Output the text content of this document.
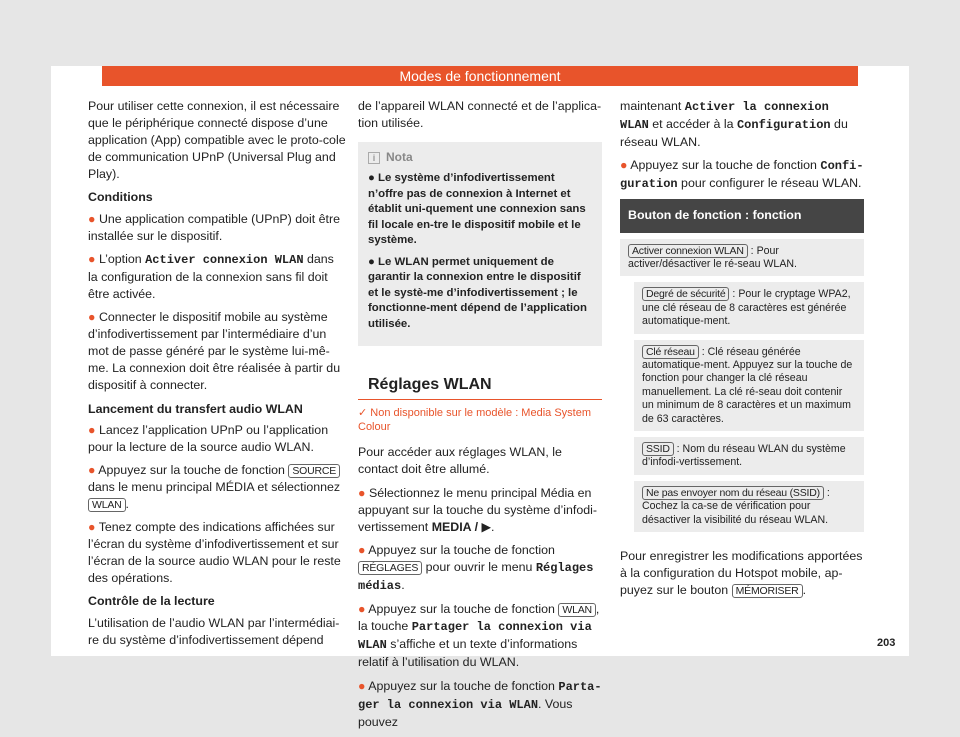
Modes de fonctionnement

Pour utiliser cette connexion, il est nécessaire que le périphérique connecté dispose d’une application (App) compatible avec le proto-cole de communication UPnP (Universal Plug and Play).

Conditions

● Une application compatible (UPnP) doit être installée sur le dispositif.

● L’option Activer connexion WLAN dans la configuration de la connexion sans fil doit être activée.

● Connecter le dispositif mobile au système d’infodivertissement par l’intermédiaire d’un mot de passe généré par le système lui-mê-me. La connexion doit être réalisée à partir du dispositif à connecter.

Lancement du transfert audio WLAN

● Lancez l’application UPnP ou l’application pour la lecture de la source audio WLAN.

● Appuyez sur la touche de fonction SOURCE dans le menu principal MÉDIA et sélectionnez WLAN .

● Tenez compte des indications affichées sur l’écran du système d’infodivertissement et sur l’écran de la source audio WLAN pour le reste des opérations.

Contrôle de la lecture

L’utilisation de l’audio WLAN par l’intermédiai-re du système d’infodivertissement dépend

de l’appareil WLAN connecté et de l’applica-tion utilisée.

i Nota

● Le système d’infodivertissement n’offre pas de connexion à Internet et établit uni-quement une connexion sans fil locale en-tre le dispositif mobile et le système.

● Le WLAN permet uniquement de garantir la connexion entre le dispositif et le systè-me d’infodivertissement ; le fonctionne-ment dépend de l’application utilisée.

Réglages WLAN
✓ Non disponible sur le modèle : Media System Colour

Pour accéder aux réglages WLAN, le contact doit être allumé.

● Sélectionnez le menu principal Média en appuyant sur la touche du système d’infodi-vertissement MEDIA / ▶.

● Appuyez sur la touche de fonction RÉGLAGES pour ouvrir le menu Réglages médias.

● Appuyez sur la touche de fonction WLAN , la touche Partager la connexion via WLAN s’affiche et un texte d’informations relatif à l’utilisation du WLAN.

● Appuyez sur la touche de fonction Parta-ger la connexion via WLAN. Vous pouvez

maintenant Activer la connexion WLAN et accéder à la Configuration du réseau WLAN.

● Appuyez sur la touche de fonction Confi-guration pour configurer le réseau WLAN.

Bouton de fonction : fonction
Activer connexion WLAN : Pour activer/désactiver le ré-seau WLAN.
Degré de sécurité : Pour le cryptage WPA2, une clé réseau de 8 caractères est générée automatique-ment.
Clé réseau : Clé réseau générée automatique-ment. Appuyez sur la touche de fonction pour changer la clé réseau manuellement. La clé ré-seau doit contenir un minimum de 8 caractères et un maximum de 63 caractères.
SSID : Nom du réseau WLAN du système d’infodi-vertissement.
Ne pas envoyer nom du réseau (SSID) : Cochez la ca-se de vérification pour désactiver la visibilité du réseau WLAN.

Pour enregistrer les modifications apportées à la configuration du Hotspot mobile, ap-puyez sur le bouton MÉMORISER .

203
